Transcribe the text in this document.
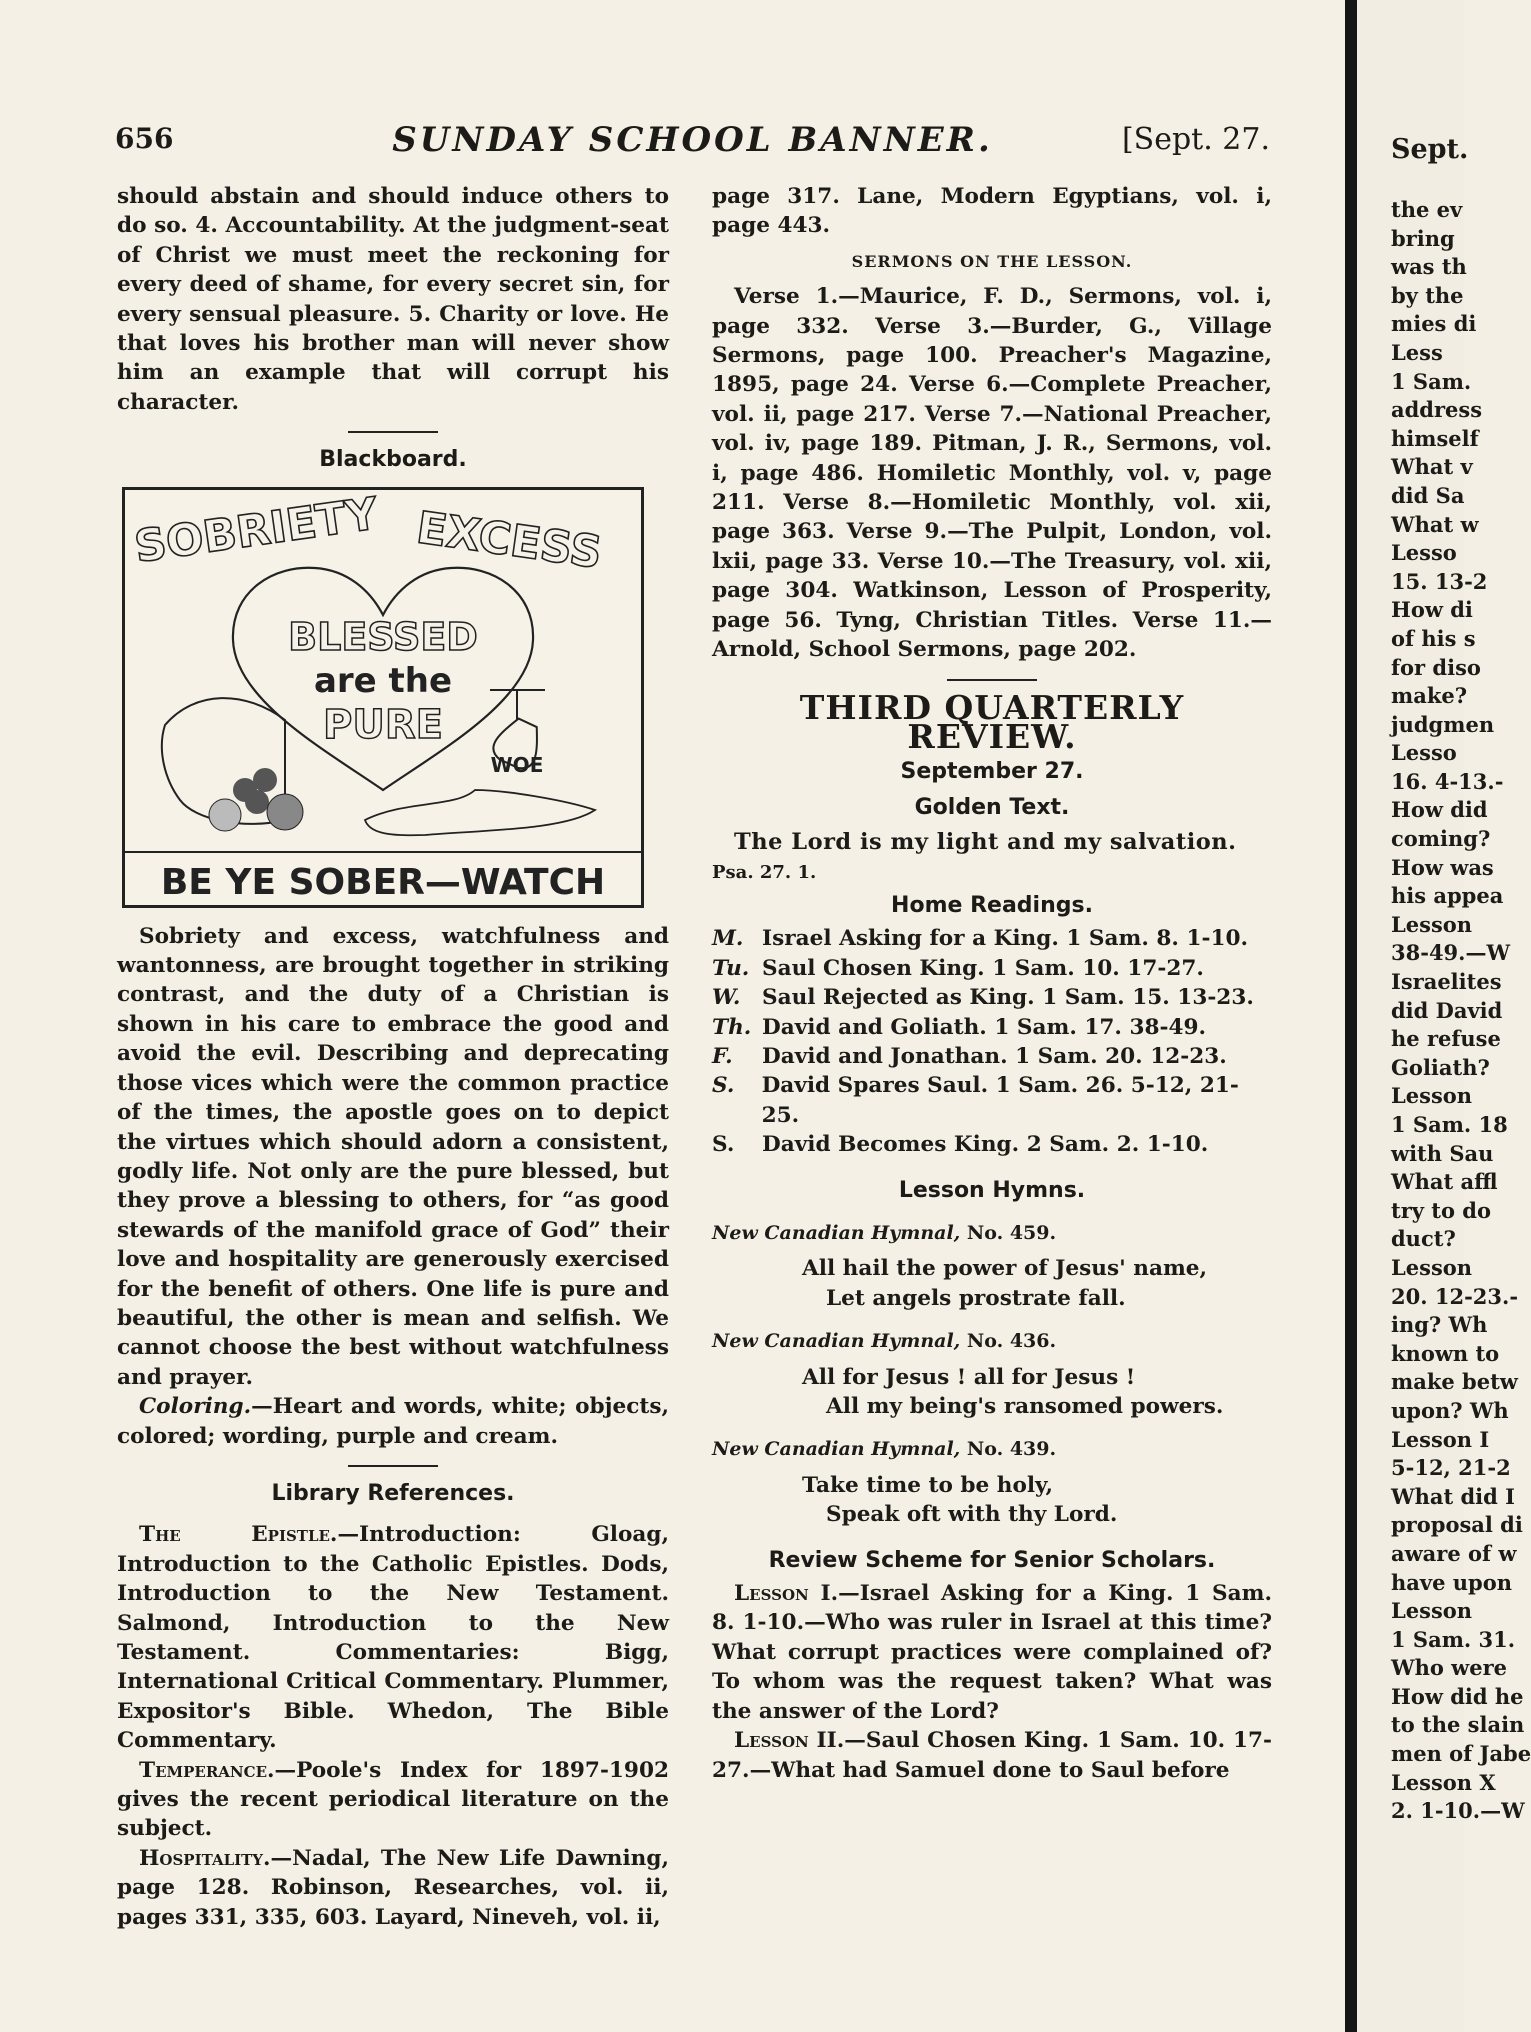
656	SUNDAY SCHOOL BANNER.	[Sept. 27.

should abstain and should induce others to do so. 4. Accountability. At the judgment-seat of Christ we must meet the reckoning for every deed of shame, for every secret sin, for every sensual pleasure. 5. Charity or love. He that loves his brother man will never show him an example that will corrupt his character.

Blackboard.
SOBRIETY EXCESS
BLESSED
are the
PURE
WOE
BE YE SOBER—WATCH

Sobriety and excess, watchfulness and wantonness, are brought together in striking contrast, and the duty of a Christian is shown in his care to embrace the good and avoid the evil. Describing and deprecating those vices which were the common practice of the times, the apostle goes on to depict the virtues which should adorn a consistent, godly life. Not only are the pure blessed, but they prove a blessing to others, for “as good stewards of the manifold grace of God” their love and hospitality are generously exercised for the benefit of others. One life is pure and beautiful, the other is mean and selfish. We cannot choose the best without watchfulness and prayer.

Coloring.—Heart and words, white; objects, colored; wording, purple and cream.

Library References.

The Epistle.—Introduction: Gloag, Introduction to the Catholic Epistles. Dods, Introduction to the New Testament. Salmond, Introduction to the New Testament. Commentaries: Bigg, International Critical Commentary. Plummer, Expositor's Bible. Whedon, The Bible Commentary.

Temperance.—Poole's Index for 1897-1902 gives the recent periodical literature on the subject.

Hospitality.—Nadal, The New Life Dawning, page 128. Robinson, Researches, vol. ii, pages 331, 335, 603. Layard, Nineveh, vol. ii,

page 317. Lane, Modern Egyptians, vol. i, page 443.

SERMONS ON THE LESSON.

Verse 1.—Maurice, F. D., Sermons, vol. i, page 332. Verse 3.—Burder, G., Village Sermons, page 100. Preacher's Magazine, 1895, page 24. Verse 6.—Complete Preacher, vol. ii, page 217. Verse 7.—National Preacher, vol. iv, page 189. Pitman, J. R., Sermons, vol. i, page 486. Homiletic Monthly, vol. v, page 211. Verse 8.—Homiletic Monthly, vol. xii, page 363. Verse 9.—The Pulpit, London, vol. lxii, page 33. Verse 10.—The Treasury, vol. xii, page 304. Watkinson, Lesson of Prosperity, page 56. Tyng, Christian Titles. Verse 11.—Arnold, School Sermons, page 202.

THIRD QUARTERLY REVIEW.
September 27.
Golden Text.

The Lord is my light and my salvation.

Psa. 27. 1.

Home Readings.
M. Israel Asking for a King. 1 Sam. 8. 1-10.
Tu. Saul Chosen King. 1 Sam. 10. 17-27.
W. Saul Rejected as King. 1 Sam. 15. 13-23.
Th. David and Goliath. 1 Sam. 17. 38-49.
F.	David and Jonathan. 1 Sam. 20. 12-23.
S.	David Spares Saul. 1 Sam. 26. 5-12, 21-25.
S.	David Becomes King. 2 Sam. 2. 1-10.
Lesson Hymns.
New Canadian Hymnal, No. 459.
All hail the power of Jesus' name,
Let angels prostrate fall.
New Canadian Hymnal, No. 436.
All for Jesus ! all for Jesus !
All my being's ransomed powers.
New Canadian Hymnal, No. 439.
Take time to be holy,
Speak oft with thy Lord.
Review Scheme for Senior Scholars.

Lesson I.—Israel Asking for a King. 1 Sam. 8. 1-10.—Who was ruler in Israel at this time? What corrupt practices were complained of? To whom was the request taken? What was the answer of the Lord?

Lesson II.—Saul Chosen King. 1 Sam. 10. 17-27.—What had Samuel done to Saul before

Sept.
the ev
bring
was th
by the
mies di
Less
1 Sam.
address
himself
What v
did Sa
What w
Lesso
15. 13-2
How di
of his s
for diso
make?
judgmen
Lesso
16. 4-13.-
How did
coming?
How was
his appea
Lesson
38-49.—W
Israelites
did David
he refuse
Goliath?
Lesson
1 Sam. 18
with Sau
What affl
try to do
duct?
Lesson
20. 12-23.-
ing? Wh
known to
make betw
upon? Wh
Lesson I
5-12, 21-2
What did I
proposal di
aware of w
have upon
Lesson
1 Sam. 31.
Who were
How did he
to the slain
men of Jabe
Lesson X
2. 1-10.—W
